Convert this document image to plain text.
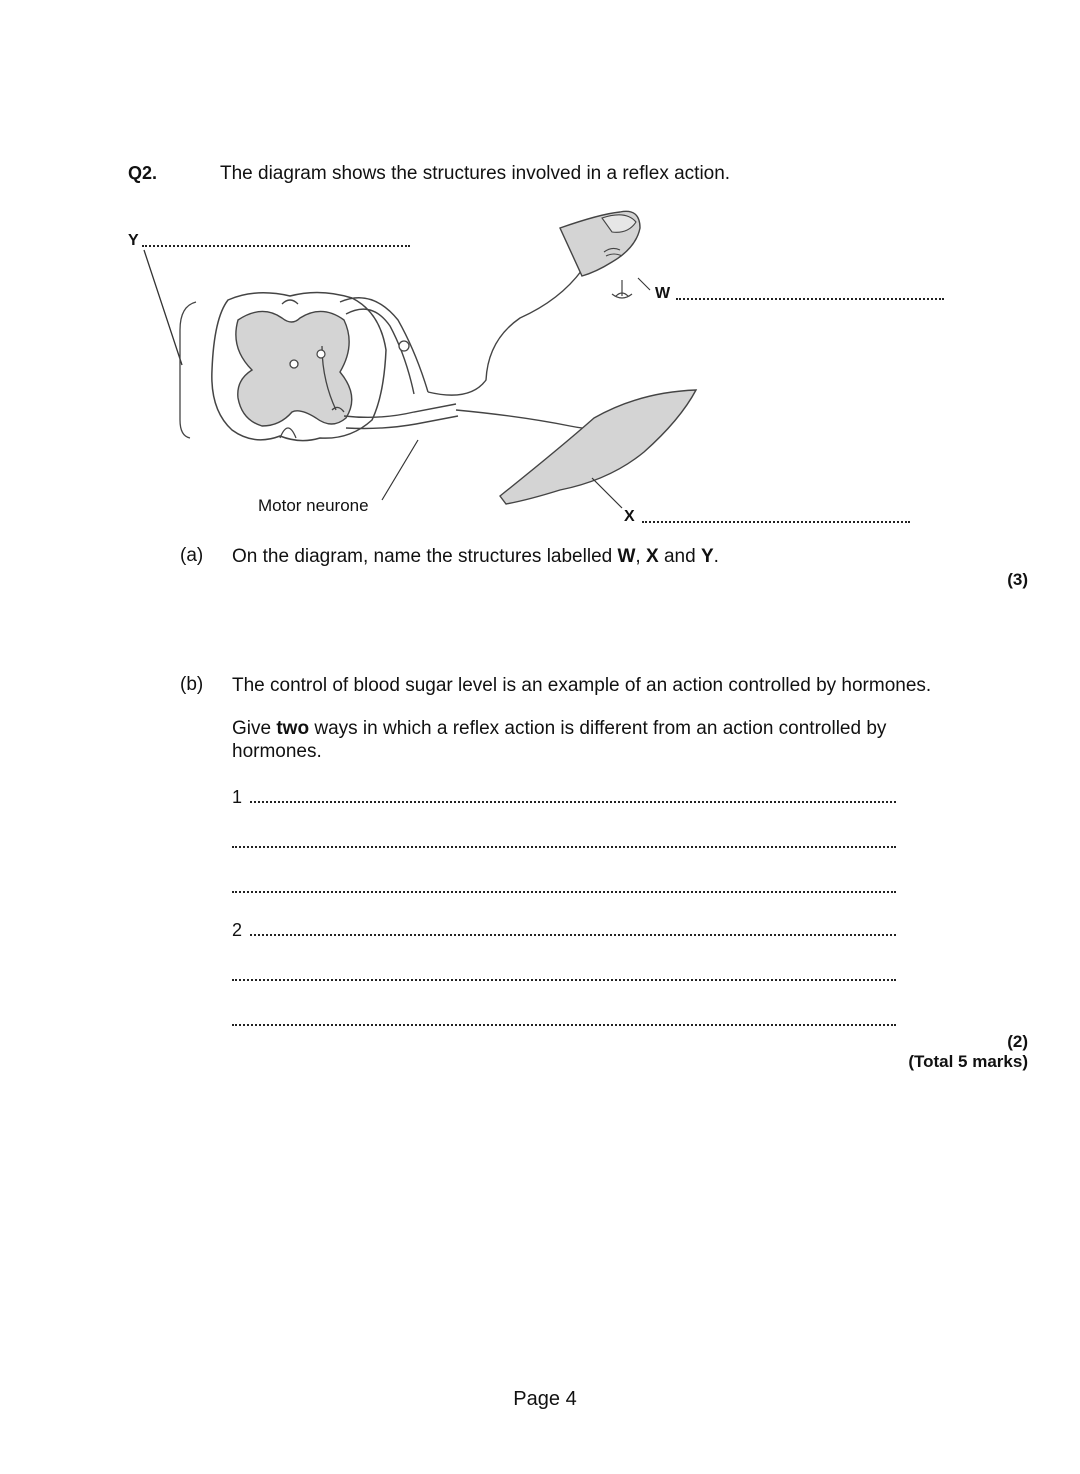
Q2.	The diagram shows the structures involved in a reflex action.
Y
W
Motor neurone
X
(a) On the diagram, name the structures labelled W, X and Y.
(3)
(b) The control of blood sugar level is an example of an action controlled by hormones.
Give two ways in which a reflex action is different from an action controlled by hormones.
1
2
(2)
(Total 5 marks)
Page 4
